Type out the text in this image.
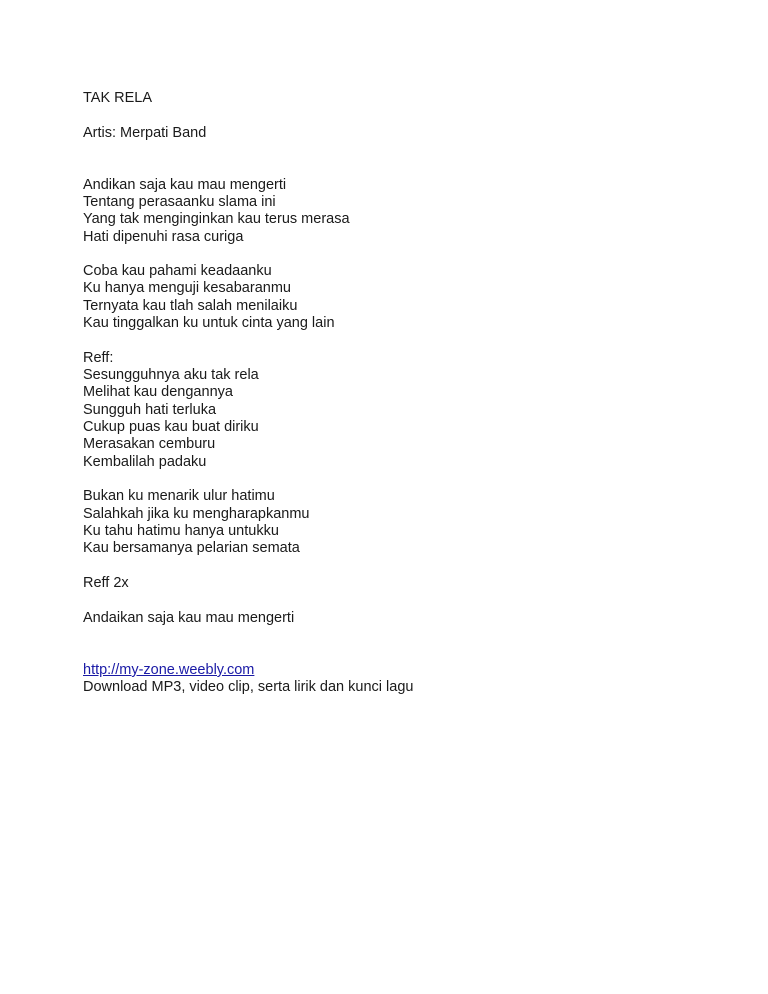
TAK RELA
Artis: Merpati Band
Andikan saja kau mau mengerti
Tentang perasaanku slama ini
Yang tak menginginkan kau terus merasa
Hati dipenuhi rasa curiga
Coba kau pahami keadaanku
Ku hanya menguji kesabaranmu
Ternyata kau tlah salah menilaiku
Kau tinggalkan ku untuk cinta yang lain
Reff:
Sesungguhnya aku tak rela
Melihat kau dengannya
Sungguh hati terluka
Cukup puas kau buat diriku
Merasakan cemburu
Kembalilah padaku
Bukan ku menarik ulur hatimu
Salahkah jika ku mengharapkanmu
Ku tahu hatimu hanya untukku
Kau bersamanya pelarian semata
Reff 2x
Andaikan saja kau mau mengerti
http://my-zone.weebly.com
Download MP3, video clip, serta lirik dan kunci lagu
